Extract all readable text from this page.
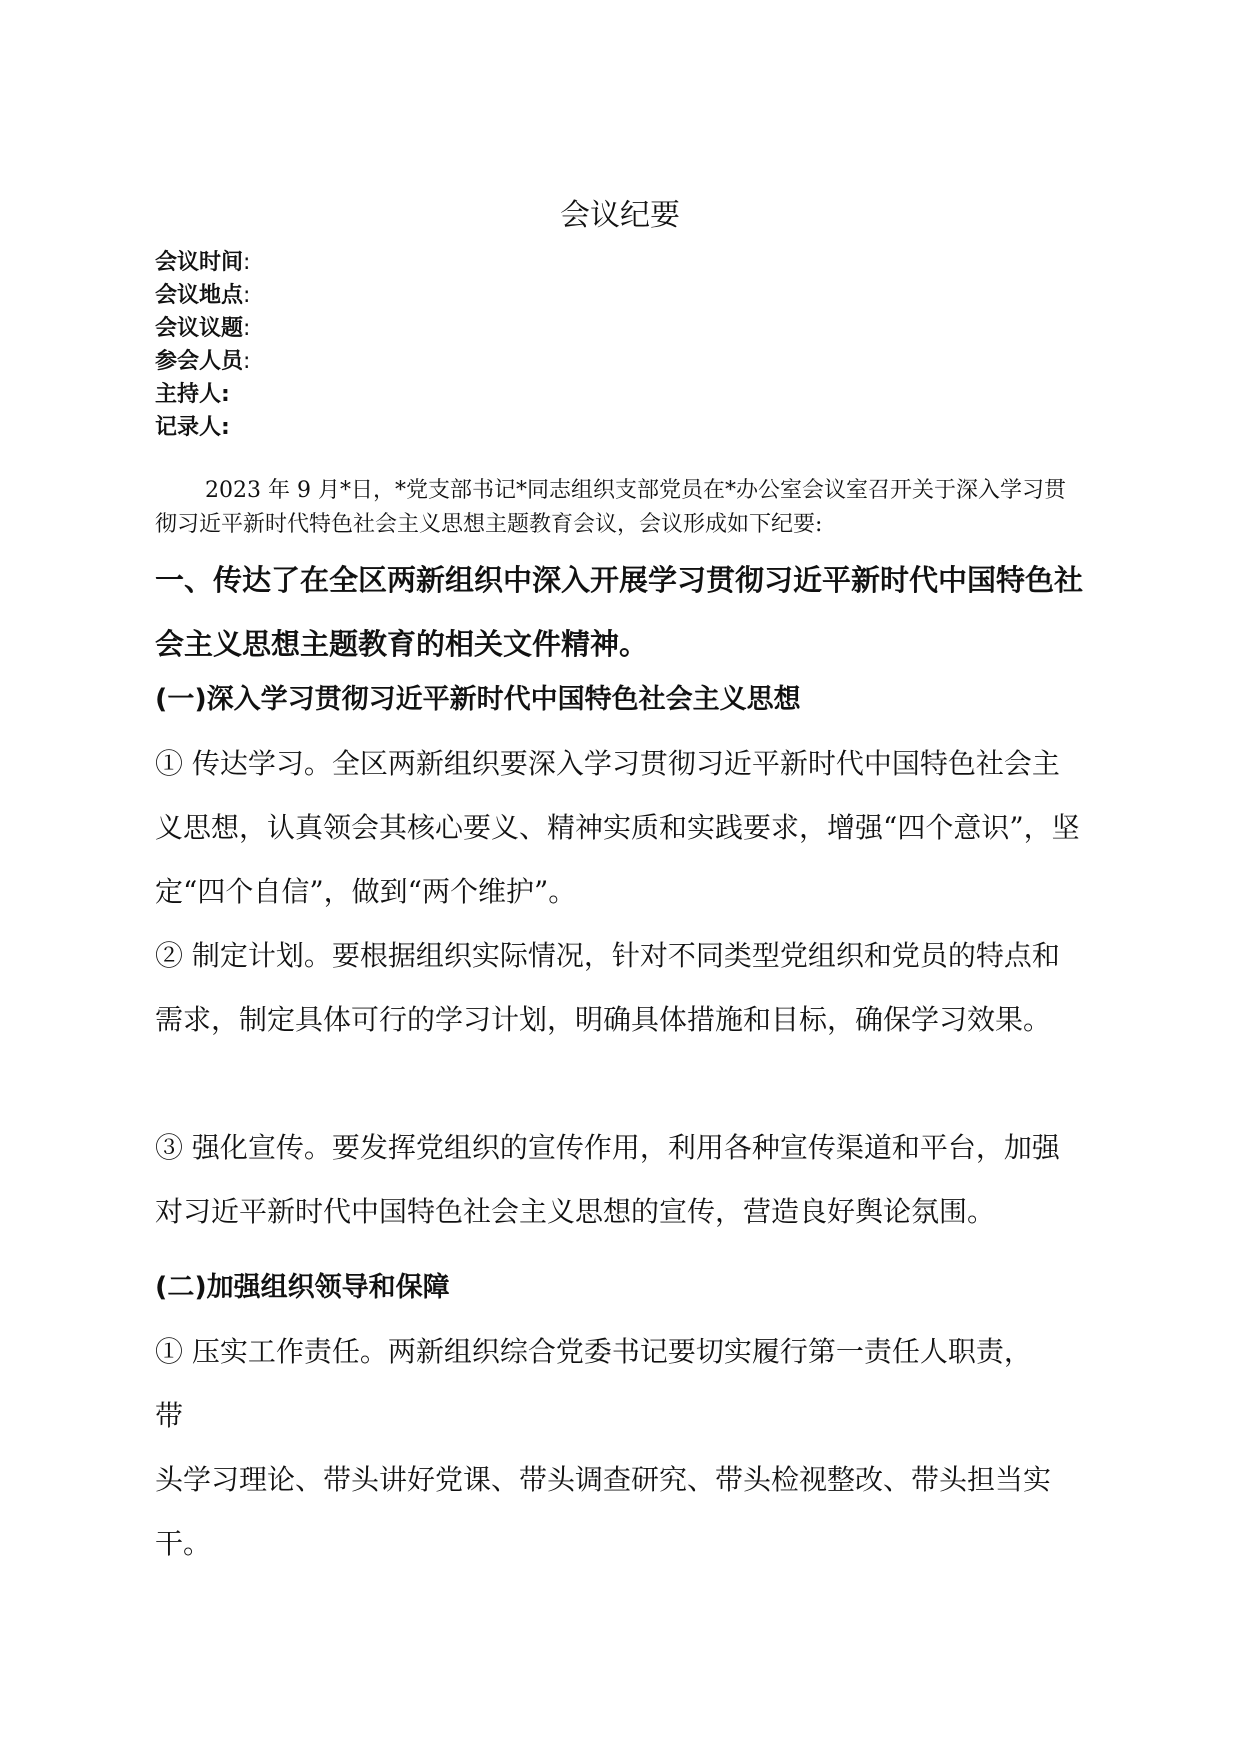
会议纪要
会议时间:
会议地点:
会议议题:
参会人员:
主持人:
记录人:
2023 年 9 月*日，*党支部书记*同志组织支部党员在*办公室会议室召开关于深入学习贯彻习近平新时代特色社会主义思想主题教育会议，会议形成如下纪要:
一、传达了在全区两新组织中深入开展学习贯彻习近平新时代中国特色社会主义思想主题教育的相关文件精神。
(一)深入学习贯彻习近平新时代中国特色社会主义思想
① 传达学习。全区两新组织要深入学习贯彻习近平新时代中国特色社会主义思想，认真领会其核心要义、精神实质和实践要求，增强“四个意识”，坚定“四个自信”，做到“两个维护”。
② 制定计划。要根据组织实际情况，针对不同类型党组织和党员的特点和需求，制定具体可行的学习计划，明确具体措施和目标，确保学习效果。
③ 强化宣传。要发挥党组织的宣传作用，利用各种宣传渠道和平台，加强对习近平新时代中国特色社会主义思想的宣传，营造良好舆论氛围。
(二)加强组织领导和保障
① 压实工作责任。两新组织综合党委书记要切实履行第一责任人职责，
带
头学习理论、带头讲好党课、带头调查研究、带头检视整改、带头担当实干。
